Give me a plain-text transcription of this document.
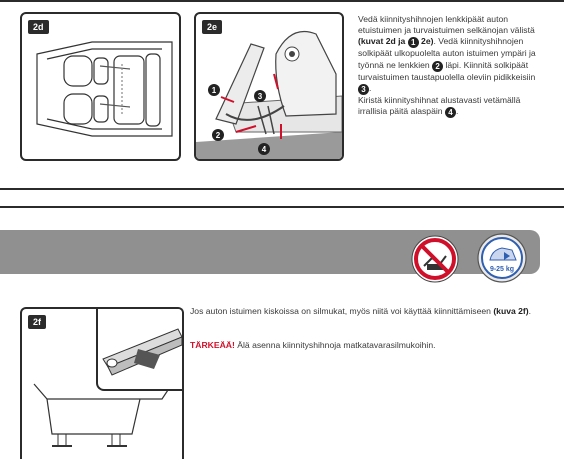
2d	2e
1
2
3
4
Vedä kiinnityshihnojen lenkkipäät auton etuistuimen ja turvaistuimen selkänojan välistä (kuvat 2d ja 1 2e). Vedä kiinnityshihnojen solkipäät ulkopuolelta auton istuimen ympäri ja työnnä ne lenkkien 2 läpi. Kiinnitä solkipäät turvaistuimen taustapuolella oleviin pidikkeisiin 3 .
Kiristä kiinnityshihnat alustavasti vetämällä irrallisia päitä alaspäin 4 .
9-25 kg
2f
Jos auton istuimen kiskoissa on silmukat, myös niitä voi käyttää kiinnittämiseen (kuva 2f).
TÄRKEÄÄ! Älä asenna kiinnityshihnoja matkatavarasilmukoihin.
